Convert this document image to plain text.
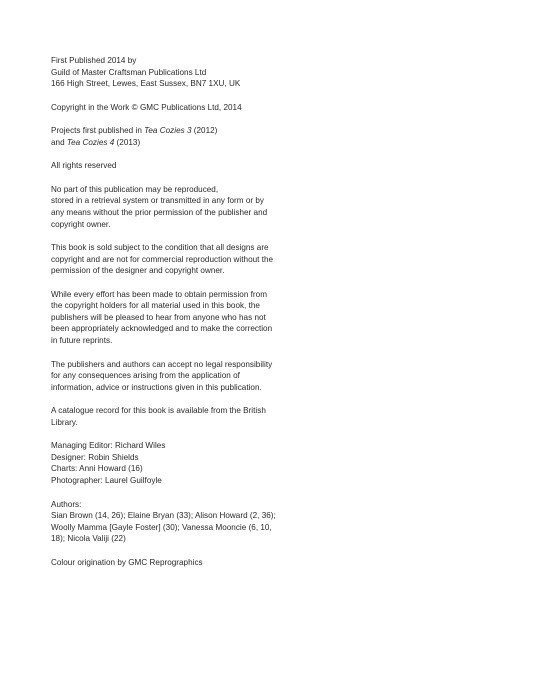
First Published 2014 by
Guild of Master Craftsman Publications Ltd
166 High Street, Lewes, East Sussex, BN7 1XU, UK
Copyright in the Work © GMC Publications Ltd, 2014
Projects first published in Tea Cozies 3 (2012)
and Tea Cozies 4 (2013)
All rights reserved
No part of this publication may be reproduced,
stored in a retrieval system or transmitted in any form or by
any means without the prior permission of the publisher and
copyright owner.
This book is sold subject to the condition that all designs are
copyright and are not for commercial reproduction without the
permission of the designer and copyright owner.
While every effort has been made to obtain permission from
the copyright holders for all material used in this book, the
publishers will be pleased to hear from anyone who has not
been appropriately acknowledged and to make the correction
in future reprints.
The publishers and authors can accept no legal responsibility
for any consequences arising from the application of
information, advice or instructions given in this publication.
A catalogue record for this book is available from the British
Library.
Managing Editor: Richard Wiles
Designer: Robin Shields
Charts: Anni Howard (16)
Photographer: Laurel Guilfoyle
Authors:
Sian Brown (14, 26); Elaine Bryan (33); Alison Howard (2, 36);
Woolly Mamma [Gayle Foster] (30); Vanessa Mooncie (6, 10,
18); Nicola Valiji (22)
Colour origination by GMC Reprographics
